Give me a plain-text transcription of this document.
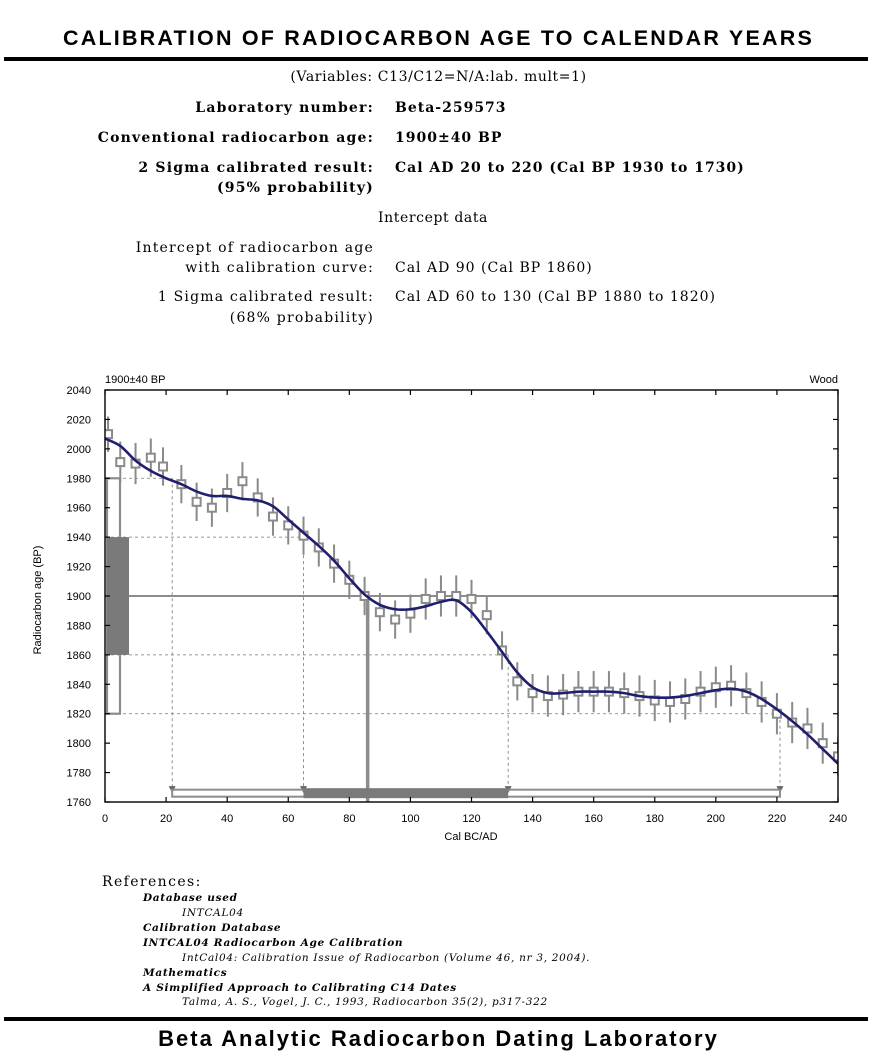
CALIBRATION OF RADIOCARBON AGE TO CALENDAR YEARS
(Variables: C13/C12=N/A:lab. mult=1)
Laboratory number: Beta-259573
Conventional radiocarbon age: 1900±40 BP
2 Sigma calibrated result:
(95% probability)
Cal AD 20 to 220 (Cal BP 1930 to 1730)
Intercept data
Intercept of radiocarbon age
with calibration curve: Cal AD 90 (Cal BP 1860)
1 Sigma calibrated result:
(68% probability)
Cal AD 60 to 130 (Cal BP 1880 to 1820)
0	20	40	60	80	100	120	140	160	180	200	220	240
1760
1780
1800
1820
1840
1860
1880
1900
1920
1940
1960
1980
2000
2020
2040
1900±40 BP	Wood
Cal BC/AD
Radiocarbon age (BP)
References:
Database used
INTCAL04
Calibration Database
INTCAL04 Radiocarbon Age Calibration
IntCal04: Calibration Issue of Radiocarbon (Volume 46, nr 3, 2004).
Mathematics
A Simplified Approach to Calibrating C14 Dates
Talma, A. S., Vogel, J. C., 1993, Radiocarbon 35(2), p317-322
Beta Analytic Radiocarbon Dating Laboratory
